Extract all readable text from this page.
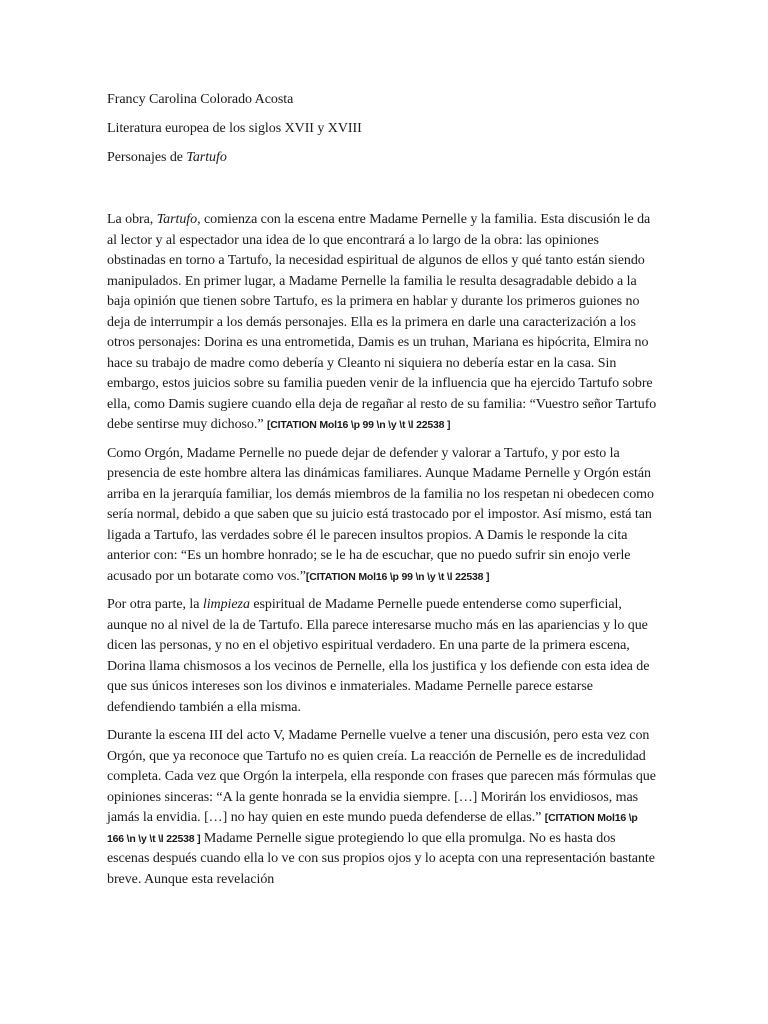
Francy Carolina Colorado Acosta
Literatura europea de los siglos XVII y XVIII
Personajes de Tartufo

La obra, Tartufo, comienza con la escena entre Madame Pernelle y la familia. Esta discusión le da al lector y al espectador una idea de lo que encontrará a lo largo de la obra: las opiniones obstinadas en torno a Tartufo, la necesidad espiritual de algunos de ellos y qué tanto están siendo manipulados. En primer lugar, a Madame Pernelle la familia le resulta desagradable debido a la baja opinión que tienen sobre Tartufo, es la primera en hablar y durante los primeros guiones no deja de interrumpir a los demás personajes. Ella es la primera en darle una caracterización a los otros personajes: Dorina es una entrometida, Damis es un truhan, Mariana es hipócrita, Elmira no hace su trabajo de madre como debería y Cleanto ni siquiera no debería estar en la casa. Sin embargo, estos juicios sobre su familia pueden venir de la influencia que ha ejercido Tartufo sobre ella, como Damis sugiere cuando ella deja de regañar al resto de su familia: “Vuestro señor Tartufo debe sentirse muy dichoso.” [CITATION Mol16 \p 99 \n \y \t \l 22538 ]

Como Orgón, Madame Pernelle no puede dejar de defender y valorar a Tartufo, y por esto la presencia de este hombre altera las dinámicas familiares. Aunque Madame Pernelle y Orgón están arriba en la jerarquía familiar, los demás miembros de la familia no los respetan ni obedecen como sería normal, debido a que saben que su juicio está trastocado por el impostor. Así mismo, está tan ligada a Tartufo, las verdades sobre él le parecen insultos propios. A Damis le responde la cita anterior con: “Es un hombre honrado; se le ha de escuchar, que no puedo sufrir sin enojo verle acusado por un botarate como vos.”[CITATION Mol16 \p 99 \n \y \t \l 22538 ]

Por otra parte, la limpieza espiritual de Madame Pernelle puede entenderse como superficial, aunque no al nivel de la de Tartufo. Ella parece interesarse mucho más en las apariencias y lo que dicen las personas, y no en el objetivo espiritual verdadero. En una parte de la primera escena, Dorina llama chismosos a los vecinos de Pernelle, ella los justifica y los defiende con esta idea de que sus únicos intereses son los divinos e inmateriales. Madame Pernelle parece estarse defendiendo también a ella misma.

Durante la escena III del acto V, Madame Pernelle vuelve a tener una discusión, pero esta vez con Orgón, que ya reconoce que Tartufo no es quien creía. La reacción de Pernelle es de incredulidad completa. Cada vez que Orgón la interpela, ella responde con frases que parecen más fórmulas que opiniones sinceras: “A la gente honrada se la envidia siempre. […] Morirán los envidiosos, mas jamás la envidia. […] no hay quien en este mundo pueda defenderse de ellas.” [CITATION Mol16 \p 166 \n \y \t \l 22538 ] Madame Pernelle sigue protegiendo lo que ella promulga. No es hasta dos escenas después cuando ella lo ve con sus propios ojos y lo acepta con una representación bastante breve. Aunque esta revelación
